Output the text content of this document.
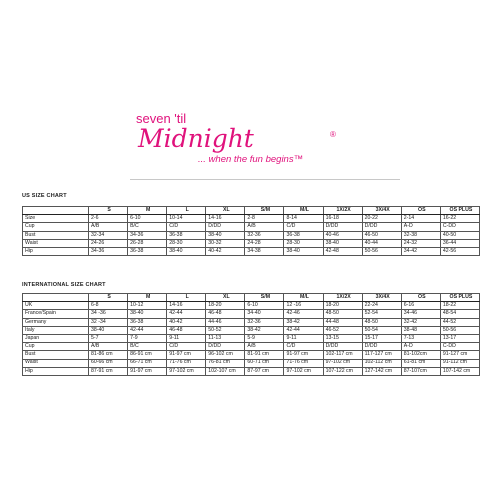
seven 'til
Midnight	®
... when the fun begins™
US SIZE CHART
	S	M	L	XL	S/M	M/L	1X/2X	3X/4X	OS	OS PLUS
Size	2-6	6-10	10-14	14-16	2-8	8-14	16-18	20-22	2-14	16-22
Cup	A/B	B/C	C/D	D/DD	A/B	C/D	D/DD	D/DD	A-D	C-DD
Bust	32-34	34-36	36-38	38-40	32-36	36-38	40-46	46-50	32-38	40-50
Waist	24-26	26-28	28-30	30-32	24-28	28-30	38-40	40-44	24-32	36-44
Hip	34-36	36-38	38-40	40-42	34-38	38-40	42-48	50-56	34-42	42-56
INTERNATIONAL SIZE CHART
	S	M	L	XL	S/M	M/L	1X/2X	3X/4X	OS	OS PLUS
UK	6-8	10-12	14-16	18-20	6-10	12 -16	18-20	22-24	6-16	18-22
France/Spain	34 -36	38-40	42-44	46-48	34-40	42-46	48-50	52-54	34-46	48-54
Germany	32 -34	36-38	40-42	44-46	32-36	38-42	44-48	48-50	32-42	44-52
Italy	38-40	42-44	46-48	50-52	38-42	42-44	46-52	50-54	38-48	50-56
Japan	5-7	7-9	9-11	11-13	5-9	9-11	13-15	15-17	7-13	13-17
Cup	A/B	B/C	C/D	D/DD	A/B	C/D	D/DD	D/DD	A-D	C-DD
Bust	81-86 cm	86-91 cm	91-97 cm	96-102 cm	81-91 cm	91-97 cm	102-117 cm	117-127 cm	81-102cm	91-127 cm
Waist	60-66 cm	66-71 cm	71-76 cm	76-81 cm	60-71 cm	71-76 cm	97-102 cm	102-112 cm	61-81 cm	91-112 cm
Hip	87-91 cm	91-97 cm	97-102 cm	102-107 cm	87-97 cm	97-102 cm	107-122 cm	127-142 cm	87-107cm	107-142 cm
